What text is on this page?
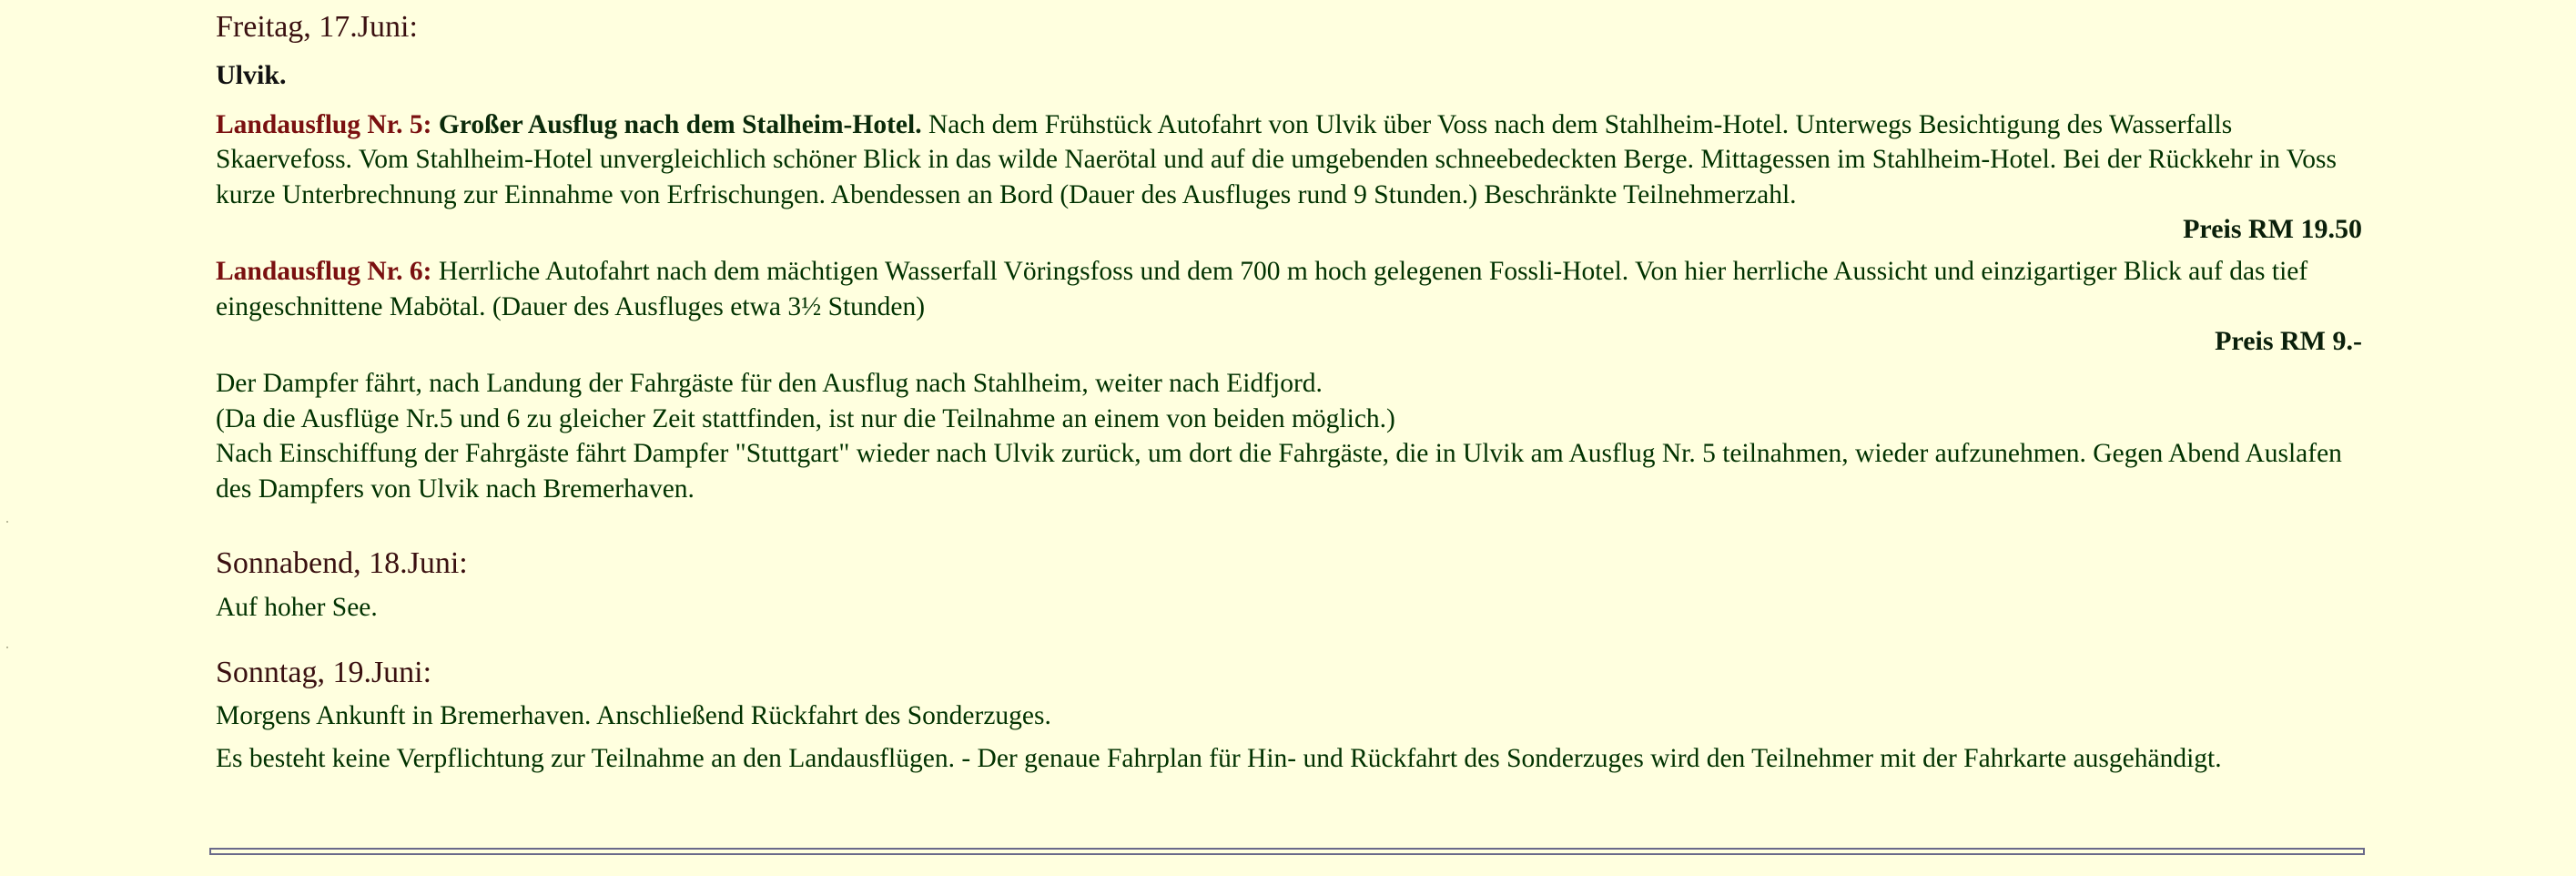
Freitag, 17.Juni:

Ulvik.

Landausflug Nr. 5: Großer Ausflug nach dem Stalheim-Hotel. Nach dem Frühstück Autofahrt von Ulvik über Voss nach dem Stahlheim-Hotel. Unterwegs Besichtigung des Wasserfalls Skaervefoss. Vom Stahlheim-Hotel unvergleichlich schöner Blick in das wilde Naerötal und auf die umgebenden schneebedeckten Berge. Mittagessen im Stahlheim-Hotel. Bei der Rückkehr in Voss kurze Unterbrechnung zur Einnahme von Erfrischungen. Abendessen an Bord (Dauer des Ausfluges rund 9 Stunden.) Beschränkte Teilnehmerzahl.

Preis RM 19.50

Landausflug Nr. 6: Herrliche Autofahrt nach dem mächtigen Wasserfall Vöringsfoss und dem 700 m hoch gelegenen Fossli-Hotel. Von hier herrliche Aussicht und einzigartiger Blick auf das tief eingeschnittene Mabötal. (Dauer des Ausfluges etwa 3½ Stunden)

Preis RM 9.-

Der Dampfer fährt, nach Landung der Fahrgäste für den Ausflug nach Stahlheim, weiter nach Eidfjord.

(Da die Ausflüge Nr.5 und 6 zu gleicher Zeit stattfinden, ist nur die Teilnahme an einem von beiden möglich.)

Nach Einschiffung der Fahrgäste fährt Dampfer "Stuttgart" wieder nach Ulvik zurück, um dort die Fahrgäste, die in Ulvik am Ausflug Nr. 5 teilnahmen, wieder aufzunehmen. Gegen Abend Auslafen des Dampfers von Ulvik nach Bremerhaven.

Sonnabend, 18.Juni:

Auf hoher See.

Sonntag, 19.Juni:

Morgens Ankunft in Bremerhaven. Anschließend Rückfahrt des Sonderzuges.

Es besteht keine Verpflichtung zur Teilnahme an den Landausflügen. - Der genaue Fahrplan für Hin- und Rückfahrt des Sonderzuges wird den Teilnehmer mit der Fahrkarte ausgehändigt.
